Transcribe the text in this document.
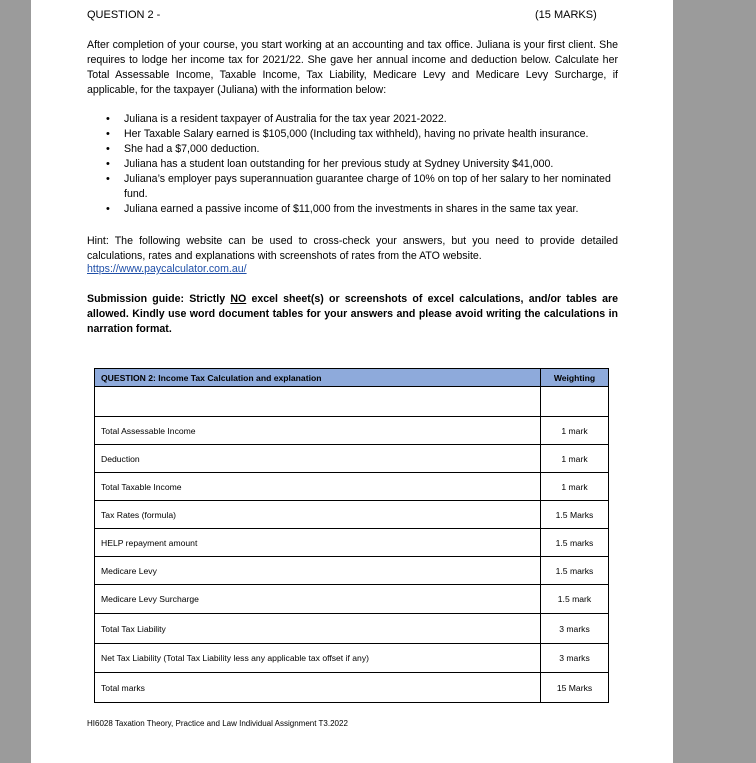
QUESTION 2 -	(15 MARKS)
After completion of your course, you start working at an accounting and tax office. Juliana is your first client. She requires to lodge her income tax for 2021/22. She gave her annual income and deduction below. Calculate her Total Assessable Income, Taxable Income, Tax Liability, Medicare Levy and Medicare Levy Surcharge, if applicable, for the taxpayer (Juliana) with the information below:
• Juliana is a resident taxpayer of Australia for the tax year 2021-2022.
• Her Taxable Salary earned is $105,000 (Including tax withheld), having no private health insurance.
• She had a $7,000 deduction.
• Juliana has a student loan outstanding for her previous study at Sydney University $41,000.
• Juliana’s employer pays superannuation guarantee charge of 10% on top of her salary to her nominated fund.
• Juliana earned a passive income of $11,000 from the investments in shares in the same tax year.
Hint: The following website can be used to cross-check your answers, but you need to provide detailed calculations, rates and explanations with screenshots of rates from the ATO website.
https://www.paycalculator.com.au/
Submission guide: Strictly NO excel sheet(s) or screenshots of excel calculations, and/or tables are allowed. Kindly use word document tables for your answers and please avoid writing the calculations in narration format.
QUESTION 2: Income Tax Calculation and explanation	Weighting

Total Assessable Income	1 mark
Deduction	1 mark
Total Taxable Income	1 mark
Tax Rates (formula)	1.5 Marks
HELP repayment amount	1.5 marks
Medicare Levy	1.5 marks
Medicare Levy Surcharge	1.5 mark
Total Tax Liability	3 marks
Net Tax Liability (Total Tax Liability less any applicable tax offset if any)	3 marks
Total marks	15 Marks
HI6028 Taxation Theory, Practice and Law Individual Assignment T3.2022
